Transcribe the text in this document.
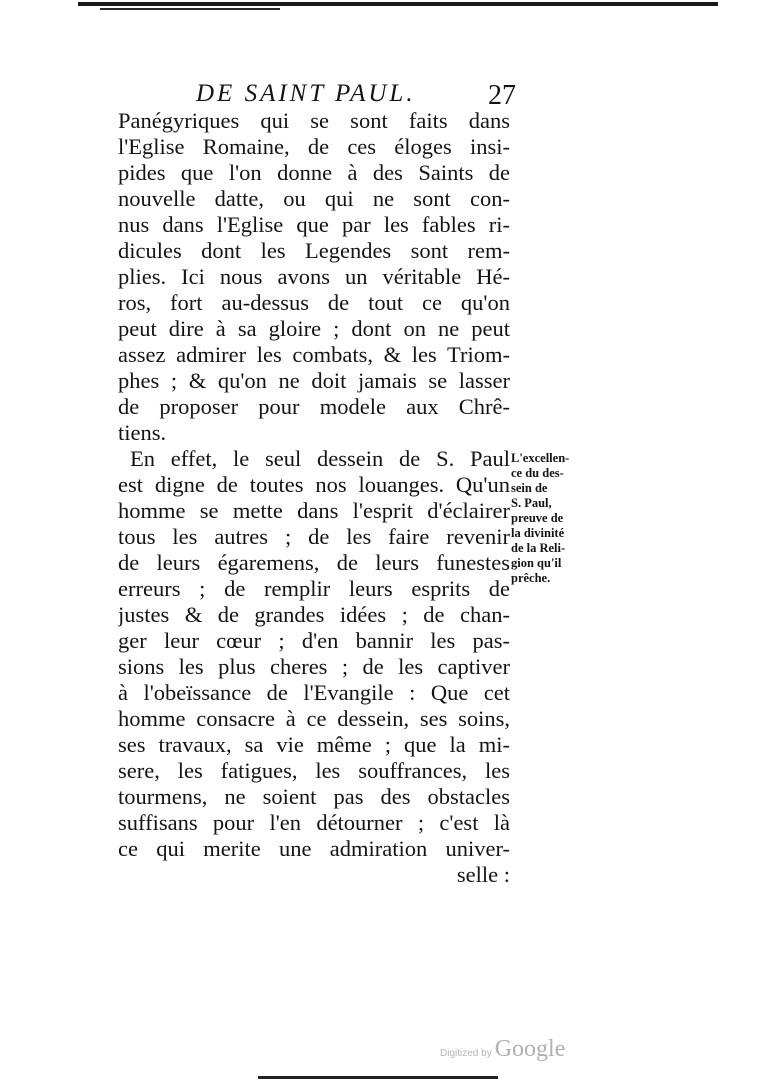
DE SAINT PAUL.	27
Panégyriques qui se sont faits dans
l'Eglise Romaine, de ces éloges insi-
pides que l'on donne à des Saints de
nouvelle datte, ou qui ne sont con-
nus dans l'Eglise que par les fables ri-
dicules dont les Legendes sont rem-
plies. Ici nous avons un véritable Hé-
ros, fort au-dessus de tout ce qu'on
peut dire à sa gloire ; dont on ne peut
assez admirer les combats, & les Triom-
phes ; & qu'on ne doit jamais se lasser
de proposer pour modele aux Chrê-
tiens.
En effet, le seul dessein de S. Paul
est digne de toutes nos louanges. Qu'un
homme se mette dans l'esprit d'éclairer
tous les autres ; de les faire revenir
de leurs égaremens, de leurs funestes
erreurs ; de remplir leurs esprits de
justes & de grandes idées ; de chan-
ger leur cœur ; d'en bannir les pas-
sions les plus cheres ; de les captiver
à l'obeïssance de l'Evangile : Que cet
homme consacre à ce dessein, ses soins,
ses travaux, sa vie même ; que la mi-
sere, les fatigues, les souffrances, les
tourmens, ne soient pas des obstacles
suffisans pour l'en détourner ; c'est là
ce qui merite une admiration univer-
selle :
L'excellen-
ce du des-
sein de
S. Paul,
preuve de
la divinité
de la Reli-
gion qu'il
prêche.
Digitized by Google
